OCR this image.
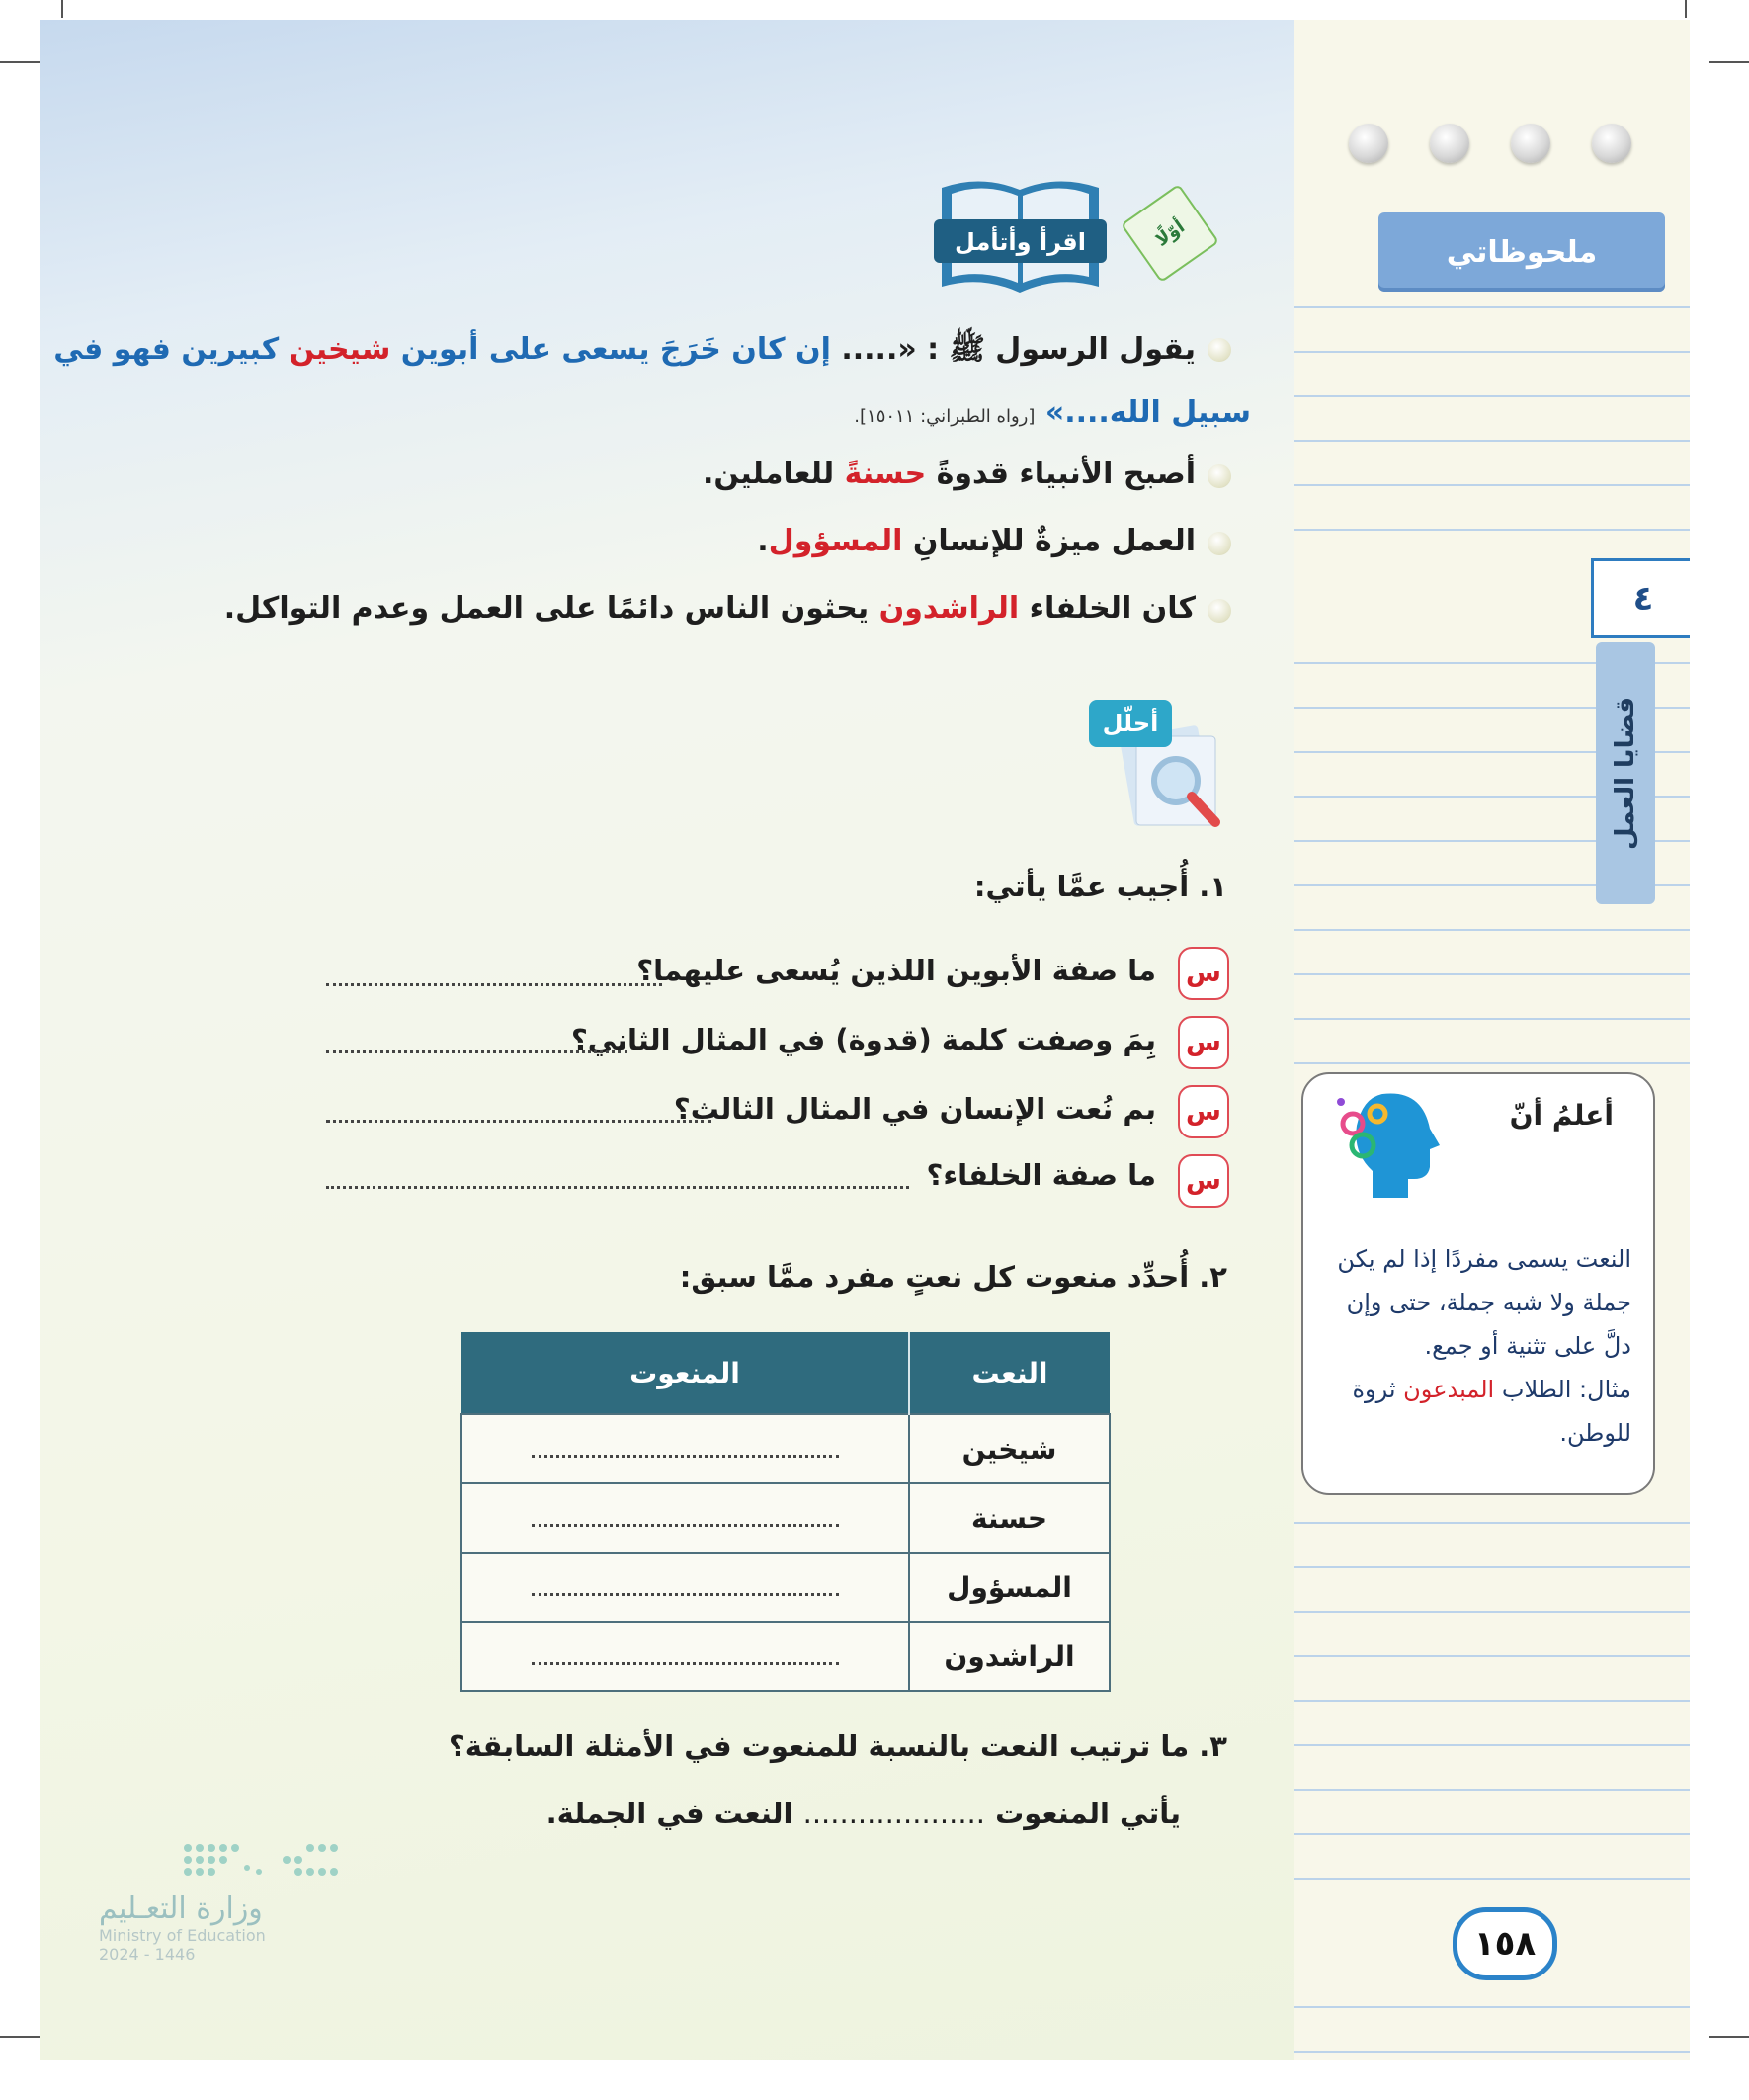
ملحوظاتي
٤
قضايا العمل
اقرأ وأتأمل	أوّلًا
يقول الرسول ﷺ : «..... إن كان خَرَجَ يسعى على أبوين شيخين كبيرين فهو في
سبيل الله....» [رواه الطبراني: ١٥٠١١].
أصبح الأنبياء قدوةً حسنةً للعاملين.
العمل ميزةٌ للإنسانِ المسؤول.
كان الخلفاء الراشدون يحثون الناس دائمًا على العمل وعدم التواكل.
أحلّل
١. أُجيب عمَّا يأتي:
س
ما صفة الأبوين اللذين يُسعى عليهما؟
س
بِمَ وصفت كلمة (قدوة) في المثال الثاني؟
س
بم نُعت الإنسان في المثال الثالث؟
س
ما صفة الخلفاء؟
٢. أُحدِّد منعوت كل نعتٍ مفرد ممَّا سبق:
النعت	المنعوت
شيخين	

حسنة	

المسؤول	

الراشدون	
٣. ما ترتيب النعت بالنسبة للمنعوت في الأمثلة السابقة؟
يأتي المنعوت .................... النعت في الجملة.
أعلمُ أنّ

النعت يسمى مفردًا إذا لم يكن

جملة ولا شبه جملة، حتى وإن

دلَّ على تثنية أو جمع.

مثال: الطلاب المبدعون ثروة

للوطن.

١٥٨
وزارة التعـليم
Ministry of Education
2024 - 1446
